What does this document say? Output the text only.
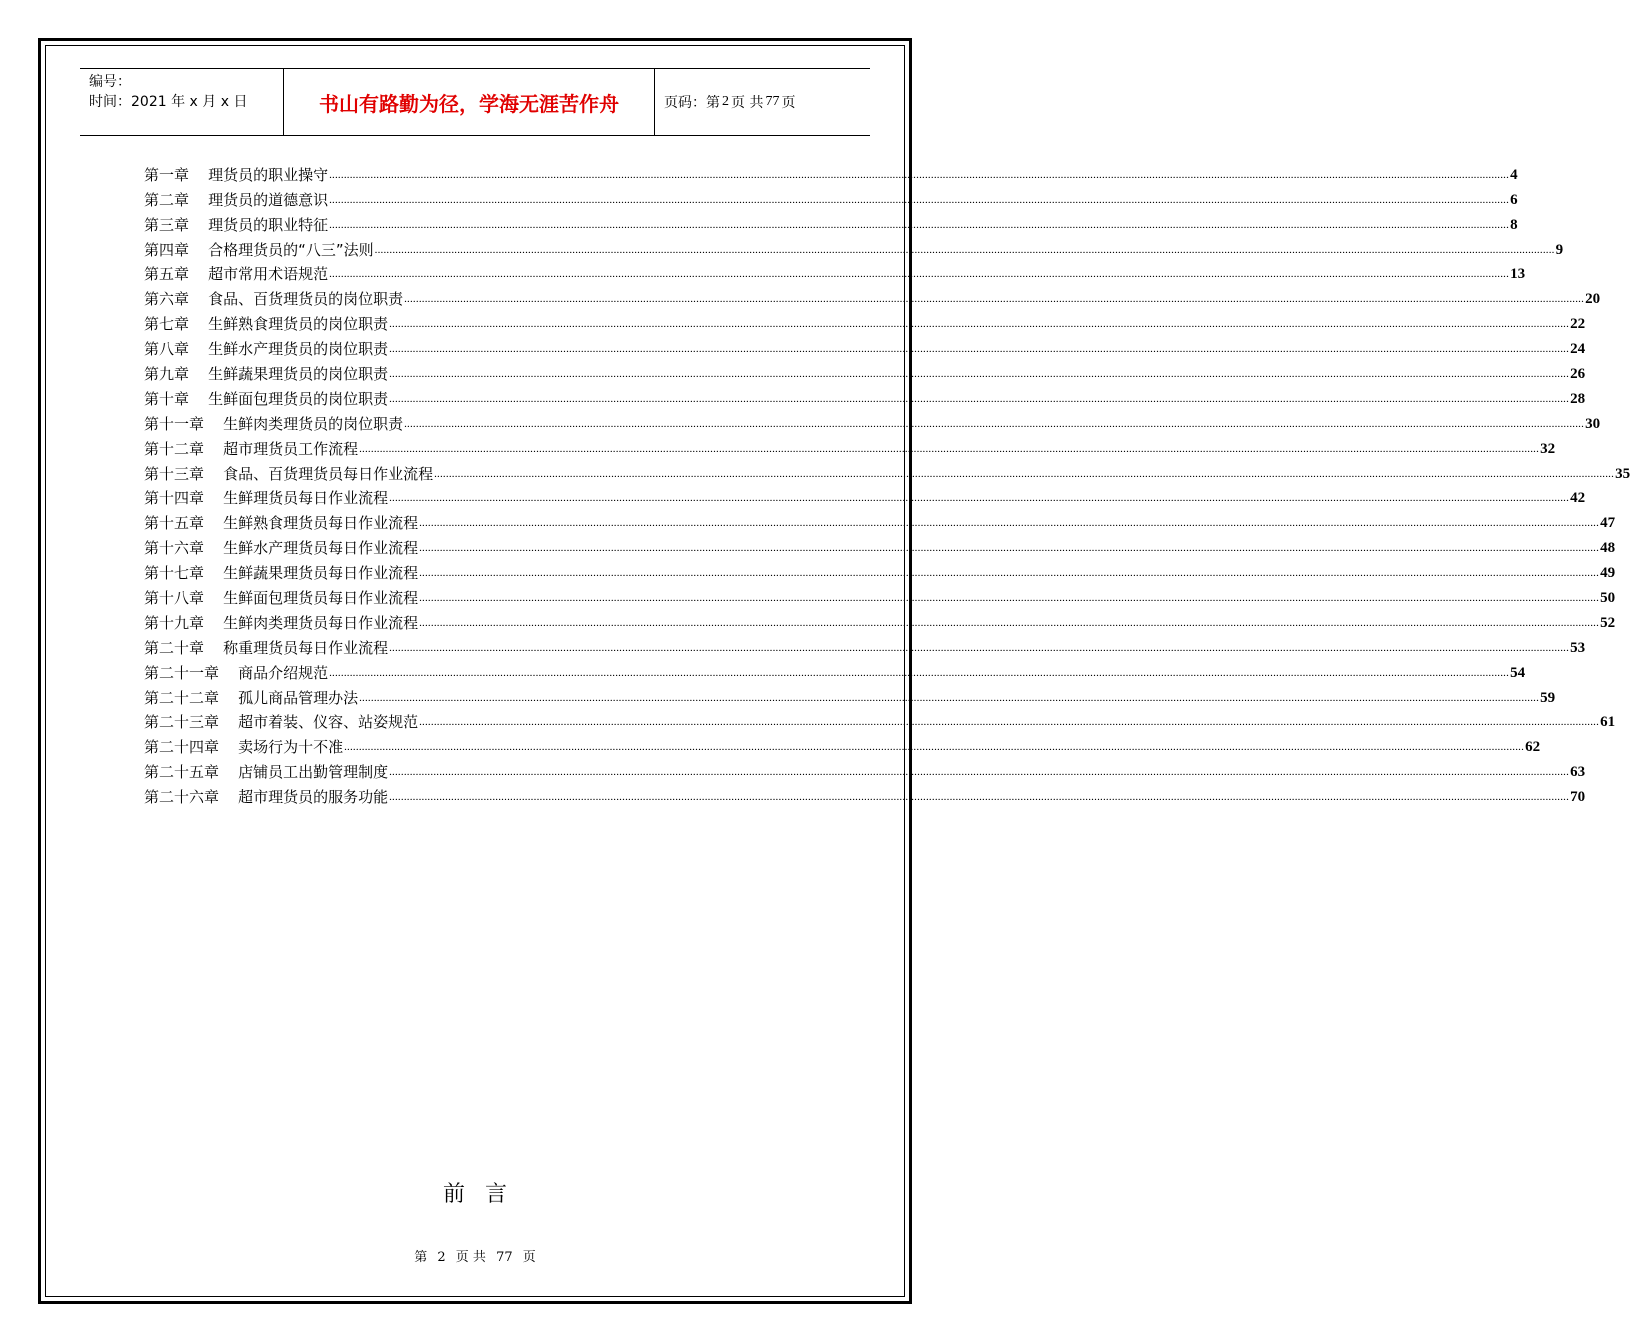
编号：
时间：2021 年 x 月 x 日	书山有路勤为径，学海无涯苦作舟	页码：第 2 页 共 77 页
第一章    理货员的职业操守 ................................................................................................................................................................................................................................................................................................................................................................................................................ 4
第二章    理货员的道德意识 ................................................................................................................................................................................................................................................................................................................................................................................................................ 6
第三章    理货员的职业特征 ................................................................................................................................................................................................................................................................................................................................................................................................................ 8
第四章    合格理货员的“八三”法则 ................................................................................................................................................................................................................................................................................................................................................................................................................ 9
第五章    超市常用术语规范 ................................................................................................................................................................................................................................................................................................................................................................................................................ 13
第六章    食品、百货理货员的岗位职责 ................................................................................................................................................................................................................................................................................................................................................................................................................ 20
第七章    生鲜熟食理货员的岗位职责 ................................................................................................................................................................................................................................................................................................................................................................................................................ 22
第八章    生鲜水产理货员的岗位职责 ................................................................................................................................................................................................................................................................................................................................................................................................................ 24
第九章    生鲜蔬果理货员的岗位职责 ................................................................................................................................................................................................................................................................................................................................................................................................................ 26
第十章    生鲜面包理货员的岗位职责 ................................................................................................................................................................................................................................................................................................................................................................................................................ 28
第十一章    生鲜肉类理货员的岗位职责 ................................................................................................................................................................................................................................................................................................................................................................................................................ 30
第十二章    超市理货员工作流程 ................................................................................................................................................................................................................................................................................................................................................................................................................ 32
第十三章    食品、百货理货员每日作业流程 ................................................................................................................................................................................................................................................................................................................................................................................................................ 35
第十四章    生鲜理货员每日作业流程 ................................................................................................................................................................................................................................................................................................................................................................................................................ 42
第十五章    生鲜熟食理货员每日作业流程 ................................................................................................................................................................................................................................................................................................................................................................................................................ 47
第十六章    生鲜水产理货员每日作业流程 ................................................................................................................................................................................................................................................................................................................................................................................................................ 48
第十七章    生鲜蔬果理货员每日作业流程 ................................................................................................................................................................................................................................................................................................................................................................................................................ 49
第十八章    生鲜面包理货员每日作业流程 ................................................................................................................................................................................................................................................................................................................................................................................................................ 50
第十九章    生鲜肉类理货员每日作业流程 ................................................................................................................................................................................................................................................................................................................................................................................................................ 52
第二十章    称重理货员每日作业流程 ................................................................................................................................................................................................................................................................................................................................................................................................................ 53
第二十一章    商品介绍规范 ................................................................................................................................................................................................................................................................................................................................................................................................................ 54
第二十二章    孤儿商品管理办法 ................................................................................................................................................................................................................................................................................................................................................................................................................ 59
第二十三章    超市着装、仪容、站姿规范 ................................................................................................................................................................................................................................................................................................................................................................................................................ 61
第二十四章    卖场行为十不准 ................................................................................................................................................................................................................................................................................................................................................................................................................ 62
第二十五章    店铺员工出勤管理制度 ................................................................................................................................................................................................................................................................................................................................................................................................................ 63
第二十六章    超市理货员的服务功能 ................................................................................................................................................................................................................................................................................................................................................................................................................ 70
前言
第 2 页 共 77 页
